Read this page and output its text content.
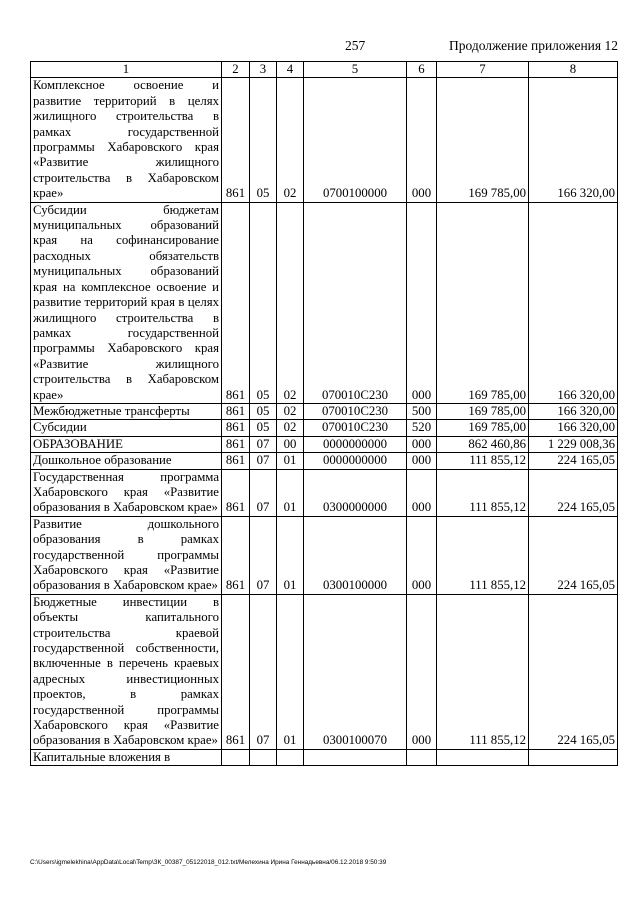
257	Продолжение приложения 12
1	2	3	4	5	6	7	8
Комплексное освоение и развитие территорий в целях жилищного строительства в рамках государственной программы Хабаровского края «Развитие жилищного строительства в Хабаровском крае»	861	05	02	0700100000	000	169 785,00	166 320,00
Субсидии бюджетам муниципальных образований края на софинансирование расходных обязательств муниципальных образований края на комплексное освоение и развитие территорий края в целях жилищного строительства в рамках государственной программы Хабаровского края «Развитие жилищного строительства в Хабаровском крае»	861	05	02	070010С230	000	169 785,00	166 320,00
Межбюджетные трансферты	861	05	02	070010С230	500	169 785,00	166 320,00
Субсидии	861	05	02	070010С230	520	169 785,00	166 320,00
ОБРАЗОВАНИЕ	861	07	00	0000000000	000	862 460,86	1 229 008,36
Дошкольное образование	861	07	01	0000000000	000	111 855,12	224 165,05
Государственная программа Хабаровского края «Развитие образования в Хабаровском крае»	861	07	01	0300000000	000	111 855,12	224 165,05
Развитие дошкольного образования в рамках государственной программы Хабаровского края «Развитие образования в Хабаровском крае»	861	07	01	0300100000	000	111 855,12	224 165,05
Бюджетные инвестиции в объекты капитального строительства краевой государственной собственности, включенные в перечень краевых адресных инвестиционных проектов, в рамках государственной программы Хабаровского края «Развитие образования в Хабаровском крае»	861	07	01	0300100070	000	111 855,12	224 165,05
Капитальные вложения в							
C:\Users\igmelekhina\AppData\Local\Temp\ЗК_00387_05122018_012.txt/Мелехина Ирина Геннадьевна/06.12.2018 9:50:39
